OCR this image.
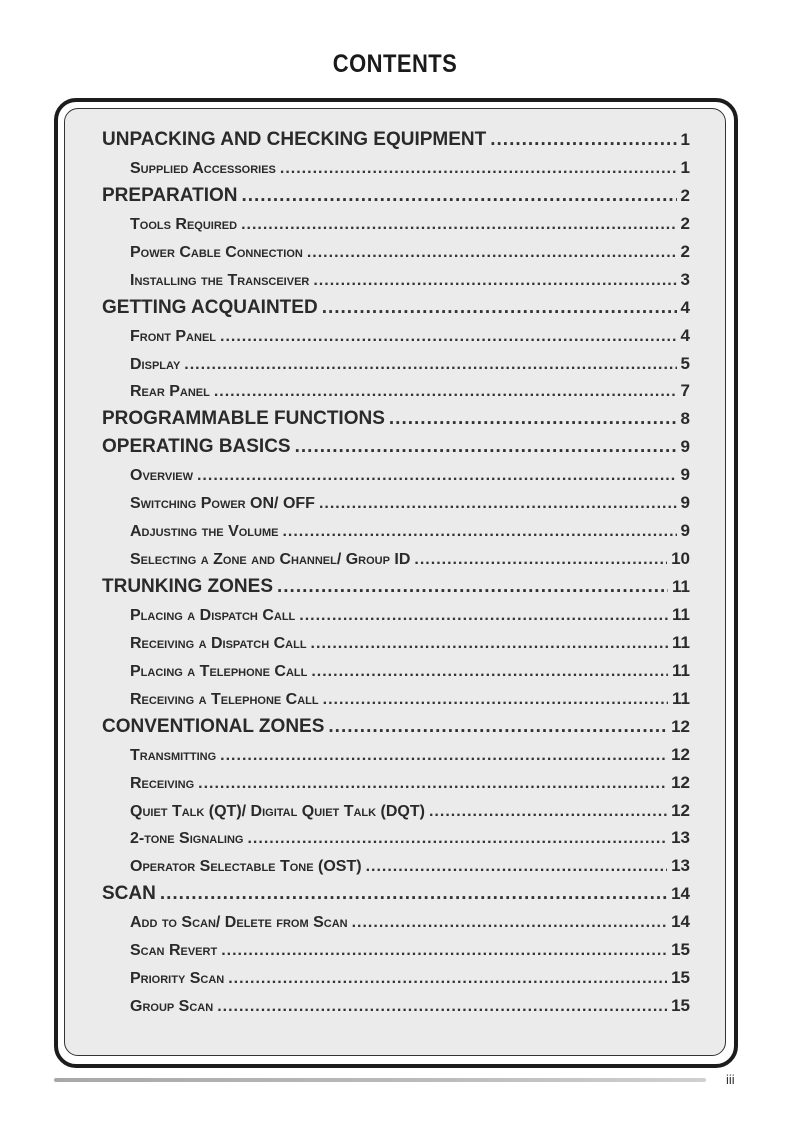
CONTENTS
UNPACKING AND CHECKING EQUIPMENT .....	1
Supplied Accessories .....	1
PREPARATION .....	2
Tools Required .....	2
Power Cable Connection .....	2
Installing the Transceiver .....	3
GETTING ACQUAINTED .....	4
Front Panel .....	4
Display .....	5
Rear Panel .....	7
PROGRAMMABLE FUNCTIONS .....	8
OPERATING BASICS .....	9
Overview .....	9
Switching Power ON/ OFF .....	9
Adjusting the Volume .....	9
Selecting a Zone and Channel/ Group ID .....	10
TRUNKING ZONES .....	11
Placing a Dispatch Call .....	11
Receiving a Dispatch Call .....	11
Placing a Telephone Call .....	11
Receiving a Telephone Call .....	11
CONVENTIONAL ZONES .....	12
Transmitting .....	12
Receiving .....	12
Quiet Talk (QT)/ Digital Quiet Talk (DQT) .....	12
2-tone Signaling .....	13
Operator Selectable Tone (OST) .....	13
SCAN .....	14
Add to Scan/ Delete from Scan .....	14
Scan Revert .....	15
Priority Scan .....	15
Group Scan .....	15
iii
